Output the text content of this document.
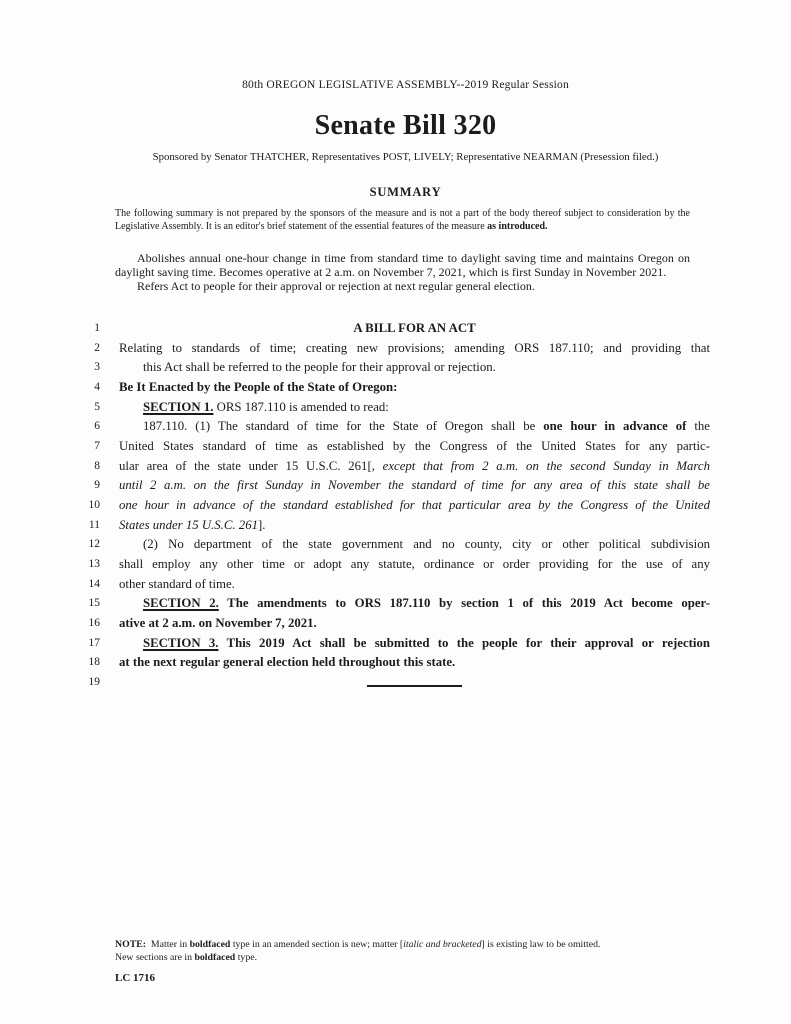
80th OREGON LEGISLATIVE ASSEMBLY--2019 Regular Session
Senate Bill 320
Sponsored by Senator THATCHER, Representatives POST, LIVELY; Representative NEARMAN (Presession filed.)
SUMMARY
The following summary is not prepared by the sponsors of the measure and is not a part of the body thereof subject to consideration by the Legislative Assembly. It is an editor's brief statement of the essential features of the measure as introduced.

Abolishes annual one-hour change in time from standard time to daylight saving time and maintains Oregon on daylight saving time. Becomes operative at 2 a.m. on November 7, 2021, which is first Sunday in November 2021.

Refers Act to people for their approval or rejection at next regular general election.

1	A BILL FOR AN ACT
2 Relating to standards of time; creating new provisions; amending ORS 187.110; and providing that
3	this Act shall be referred to the people for their approval or rejection.
4 Be It Enacted by the People of the State of Oregon:
5	SECTION 1. ORS 187.110 is amended to read:
6	187.110. (1) The standard of time for the State of Oregon shall be one hour in advance of the
7 United States standard of time as established by the Congress of the United States for any partic-
8 ular area of the state under 15 U.S.C. 261[, except that from 2 a.m. on the second Sunday in March
9 until 2 a.m. on the first Sunday in November the standard of time for any area of this state shall be
10 one hour in advance of the standard established for that particular area by the Congress of the United
11 States under 15 U.S.C. 261].
12	(2) No department of the state government and no county, city or other political subdivision
13 shall employ any other time or adopt any statute, ordinance or order providing for the use of any
14 other standard of time.
15	SECTION 2. The amendments to ORS 187.110 by section 1 of this 2019 Act become oper-
16 ative at 2 a.m. on November 7, 2021.
17	SECTION 3. This 2019 Act shall be submitted to the people for their approval or rejection
18 at the next regular general election held throughout this state.
19
NOTE:  Matter in boldfaced type in an amended section is new; matter [italic and bracketed] is existing law to be omitted.
New sections are in boldfaced type.
LC 1716
